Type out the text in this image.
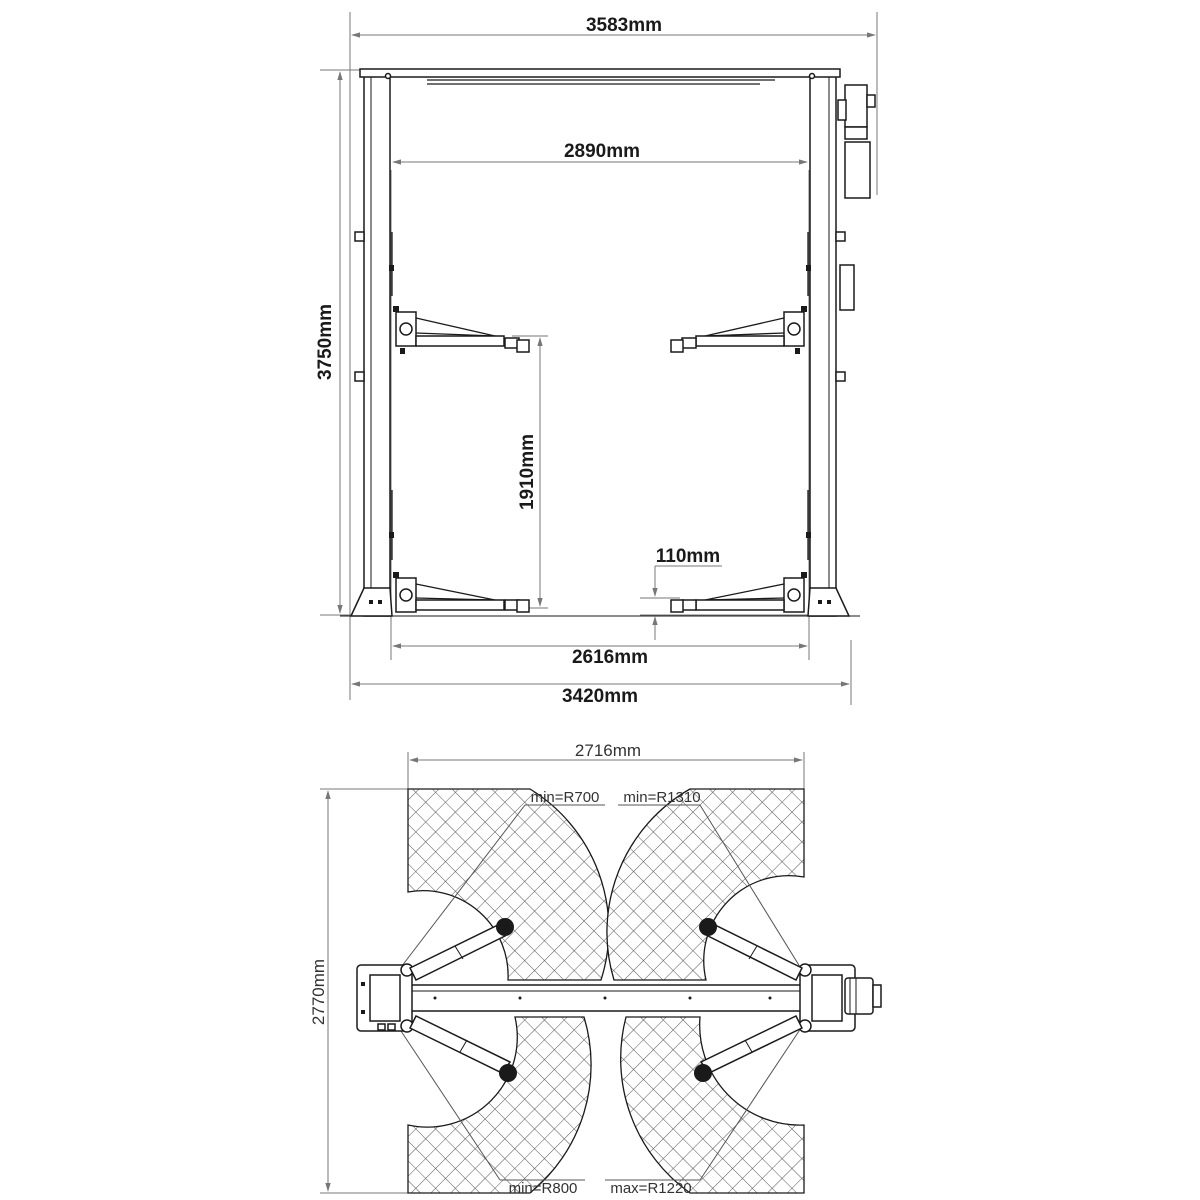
3583mm
2890mm
3750mm
1910mm
110mm
2616mm
3420mm
2716mm
2770mm
min=R700 min=R1310
min=R800 max=R1220
